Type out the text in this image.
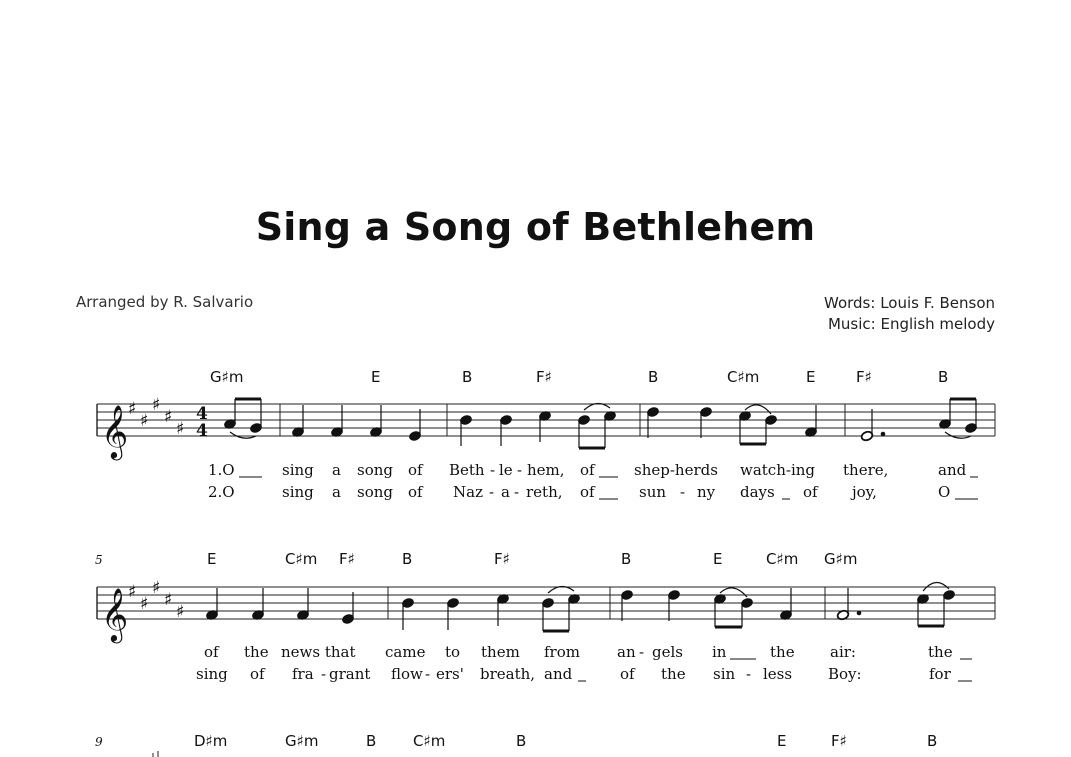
Sing a Song of Bethlehem
Arranged by R. Salvario	Words: Louis F. Benson
Music: English melody
𝄞 ♯
♯
♯
♯
♯
4
4
G♯m	E	B	F♯	B	C♯m	E	F♯	B
1.O	sing a song of Beth - le - hem, of	shep-herds watch-ing there,	and
2.O	sing a song of Naz - a - reth, of	sun - ny days of joy,	O
5
𝄞 ♯
♯
♯
♯
♯
E	C♯m F♯	B	F♯	B	E	C♯m G♯m
of the news that came to them from an - gels in	the air:	the
sing of fra - grant flow - ers' breath, and	of the sin - less Boy:	for
9	D♯m	G♯m	B C♯m	B	E	F♯	B
